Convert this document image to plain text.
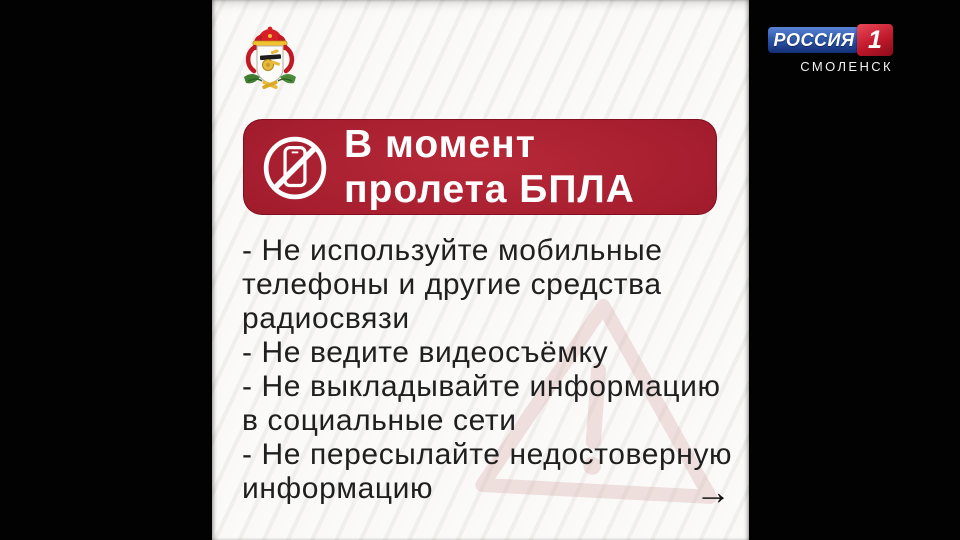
В момент
пролета БПЛА
- Не используйте мобильные
телефоны и другие средства
радиосвязи
- Не ведите видеосъёмку
- Не выкладывайте информацию
в социальные сети
- Не пересылайте недостоверную
информацию	→
РОССИЯ 1
СМОЛЕНСК
